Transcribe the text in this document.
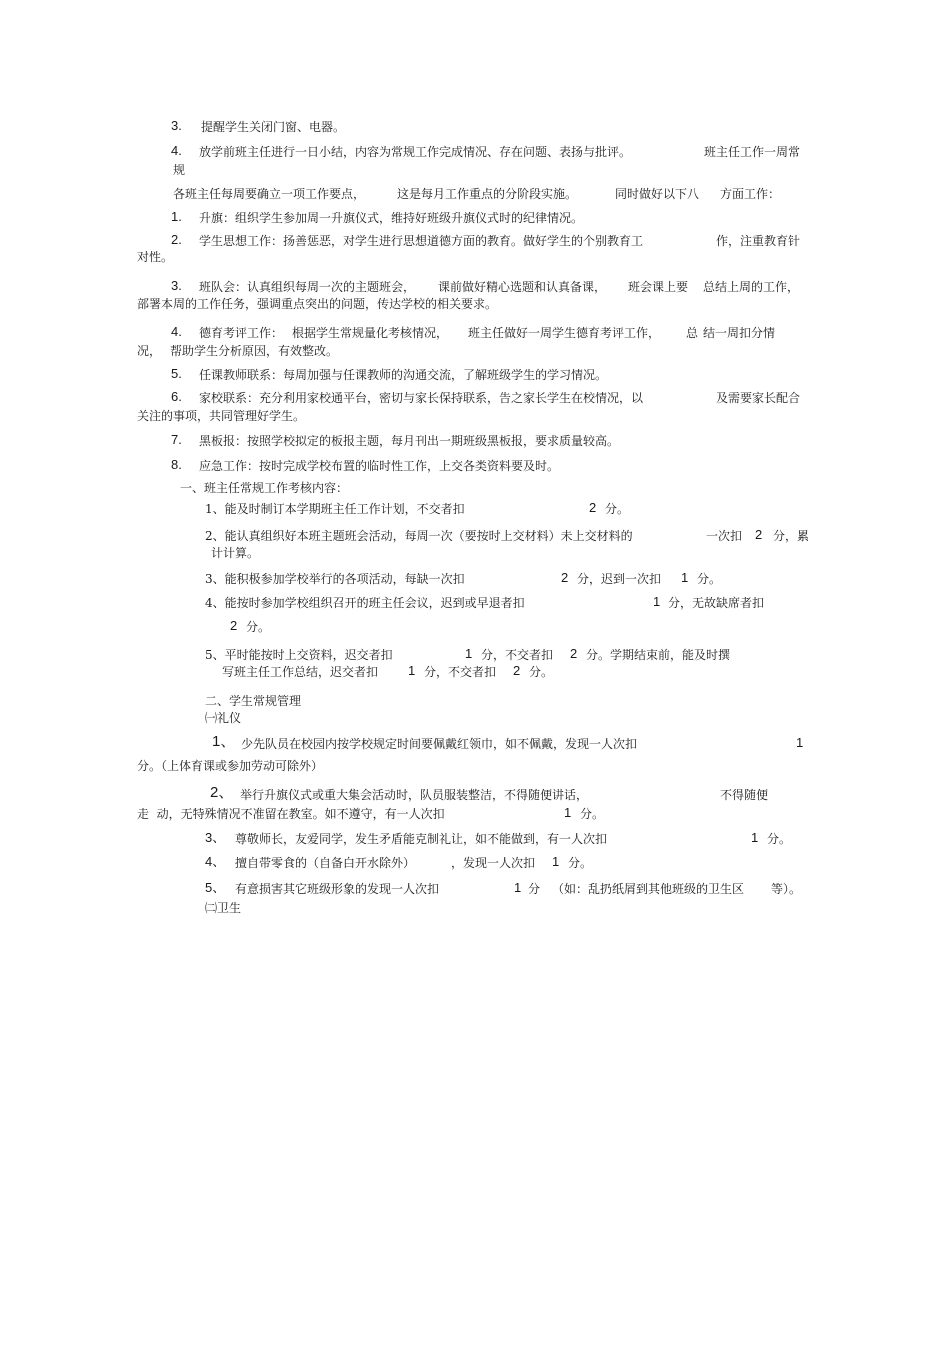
3. 提醒学生关闭门窗、电器。
4. 放学前班主任进行一日小结，内容为常规工作完成情况、存在问题、表扬与批评。	班主任工作一周常
规
各班主任每周要确立一项工作要点，	这是每月工作重点的分阶段实施。	同时做好以下八 方面工作：
1. 升旗：组织学生参加周一升旗仪式，维持好班级升旗仪式时的纪律情况。
2. 学生思想工作：扬善惩恶，对学生进行思想道德方面的教育。做好学生的个别教育工	作，注重教育针
对性。
3. 班队会：认真组织每周一次的主题班会， 课前做好精心选题和认真备课， 班会课上要 总结上周的工作，
部署本周的工作任务，强调重点突出的问题，传达学校的相关要求。
4. 德育考评工作： 根据学生常规量化考核情况， 班主任做好一周学生德育考评工作， 总 结一周扣分情
况， 帮助学生分析原因，有效整改。
5. 任课教师联系：每周加强与任课教师的沟通交流，了解班级学生的学习情况。
6. 家校联系：充分利用家校通平台，密切与家长保持联系，告之家长学生在校情况，以	及需要家长配合
关注的事项，共同管理好学生。
7. 黑板报：按照学校拟定的板报主题，每月刊出一期班级黑板报，要求质量较高。
8. 应急工作：按时完成学校布置的临时性工作，上交各类资料要及时。
一、班主任常规工作考核内容：
1、能及时制订本学期班主任工作计划，不交者扣	2 分。
2、能认真组织好本班主题班会活动，每周一次（要按时上交材料）未上交材料的	一次扣 2 分，累
计计算。
3、能积极参加学校举行的各项活动，每缺一次扣	2 分，迟到一次扣 1 分。
4、能按时参加学校组织召开的班主任会议，迟到或早退者扣	1 分，无故缺席者扣
2 分。
5、平时能按时上交资料，迟交者扣	1 分，不交者扣 2 分。学期结束前，能及时撰
写班主任工作总结，迟交者扣 1 分，不交者扣 2 分。
二、学生常规管理
㈠礼仪
1、 少先队员在校园内按学校规定时间要佩戴红领巾，如不佩戴，发现一人次扣	1
分。（上体育课或参加劳动可除外）
2、 举行升旗仪式或重大集会活动时，队员服装整洁，不得随便讲话，	不得随便
走  动，无特殊情况不准留在教室。如不遵守，有一人次扣	1 分。
3、 尊敬师长，友爱同学，发生矛盾能克制礼让，如不能做到，有一人次扣	1 分。
4、 擅自带零食的（自备白开水除外）	，发现一人次扣 1 分。
5、 有意损害其它班级形象的发现一人次扣	1 分 （如：乱扔纸屑到其他班级的卫生区 等）。
㈡卫生
